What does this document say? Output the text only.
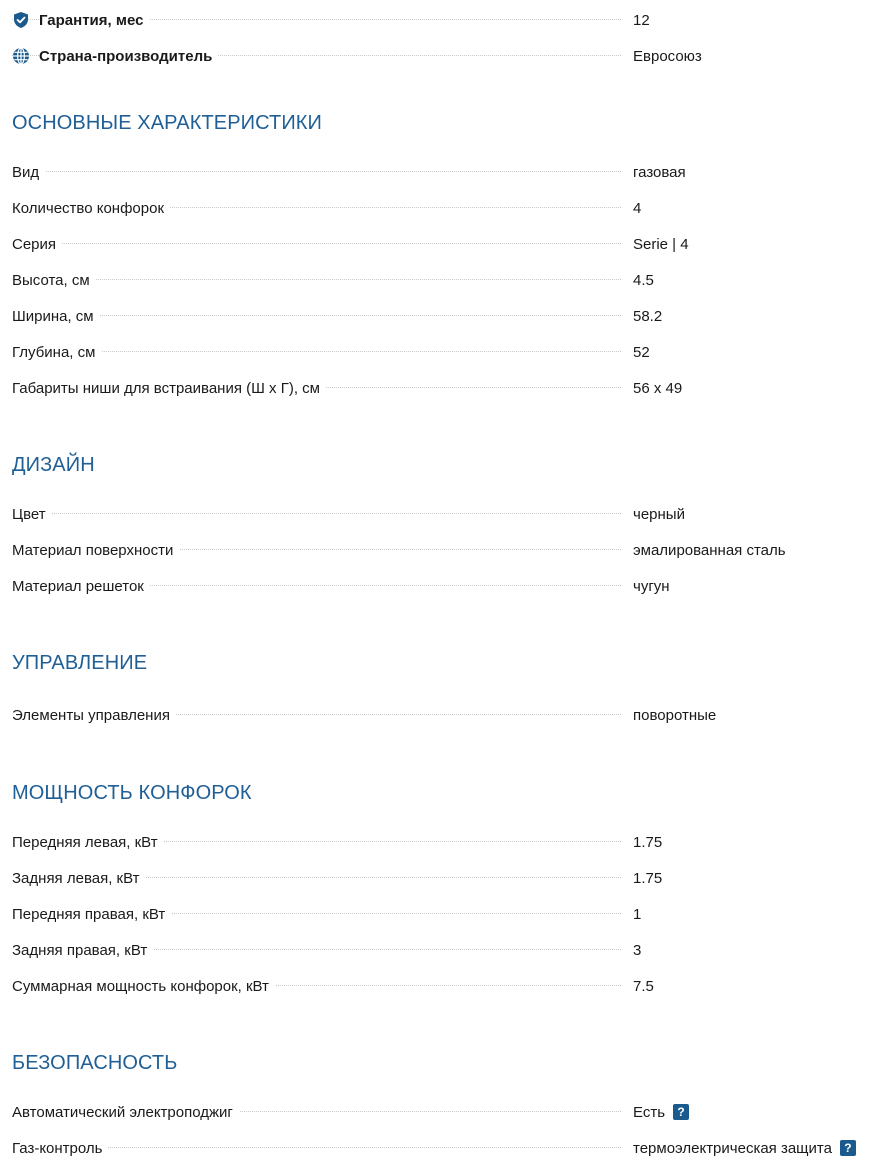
Гарантия, мес	12
Страна-производитель	Евросоюз
ОСНОВНЫЕ ХАРАКТЕРИСТИКИ
Вид	газовая
Количество конфорок	4
Серия	Serie | 4
Высота, см	4.5
Ширина, см	58.2
Глубина, см	52
Габариты ниши для встраивания (Ш х Г), см	56 x 49
ДИЗАЙН
Цвет	черный
Материал поверхности	эмалированная сталь
Материал решеток	чугун
УПРАВЛЕНИЕ
Элементы управления	поворотные
МОЩНОСТЬ КОНФОРОК
Передняя левая, кВт	1.75
Задняя левая, кВт	1.75
Передняя правая, кВт	1
Задняя правая, кВт	3
Суммарная мощность конфорок, кВт	7.5
БЕЗОПАСНОСТЬ
Автоматический электроподжиг	Есть	?
Газ-контроль	термоэлектрическая защита	?
